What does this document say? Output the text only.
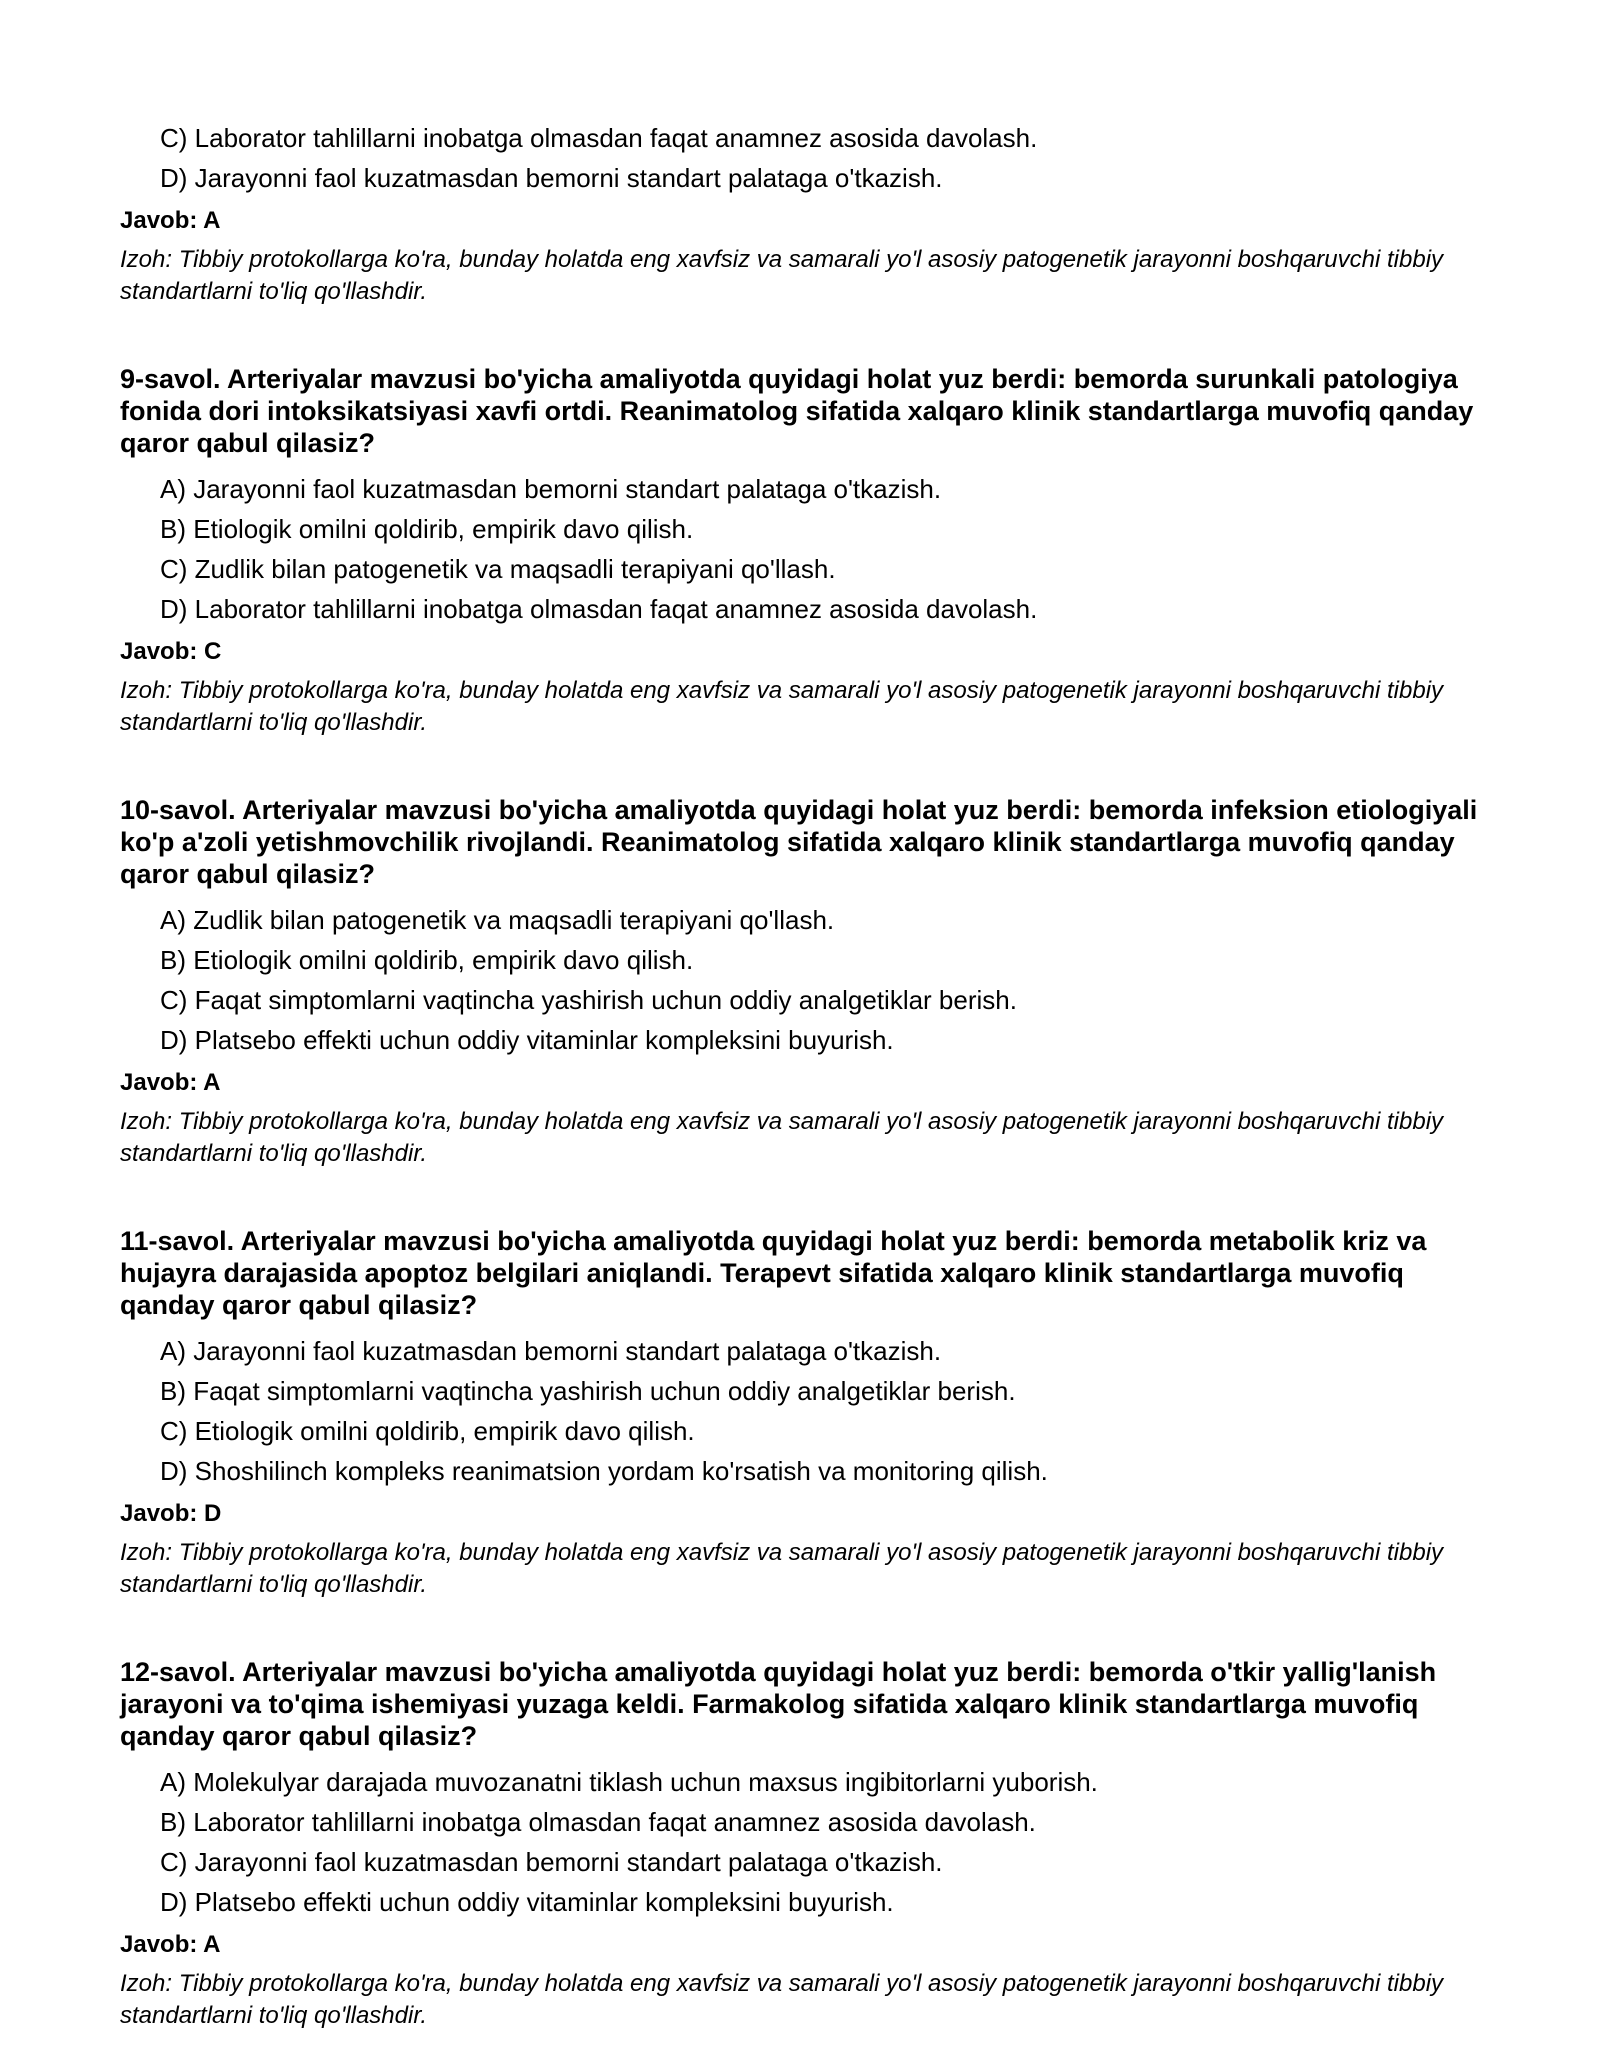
C) Laborator tahlillarni inobatga olmasdan faqat anamnez asosida davolash.
D) Jarayonni faol kuzatmasdan bemorni standart palataga o'tkazish.
Javob: A
Izoh: Tibbiy protokollarga ko'ra, bunday holatda eng xavfsiz va samarali yo'l asosiy patogenetik jarayonni boshqaruvchi tibbiy standartlarni to'liq qo'llashdir.
9-savol. Arteriyalar mavzusi bo'yicha amaliyotda quyidagi holat yuz berdi: bemorda surunkali patologiya fonida dori intoksikatsiyasi xavfi ortdi. Reanimatolog sifatida xalqaro klinik standartlarga muvofiq qanday qaror qabul qilasiz?
A) Jarayonni faol kuzatmasdan bemorni standart palataga o'tkazish.
B) Etiologik omilni qoldirib, empirik davo qilish.
C) Zudlik bilan patogenetik va maqsadli terapiyani qo'llash.
D) Laborator tahlillarni inobatga olmasdan faqat anamnez asosida davolash.
Javob: C
Izoh: Tibbiy protokollarga ko'ra, bunday holatda eng xavfsiz va samarali yo'l asosiy patogenetik jarayonni boshqaruvchi tibbiy standartlarni to'liq qo'llashdir.
10-savol. Arteriyalar mavzusi bo'yicha amaliyotda quyidagi holat yuz berdi: bemorda infeksion etiologiyali ko'p a'zoli yetishmovchilik rivojlandi. Reanimatolog sifatida xalqaro klinik standartlarga muvofiq qanday qaror qabul qilasiz?
A) Zudlik bilan patogenetik va maqsadli terapiyani qo'llash.
B) Etiologik omilni qoldirib, empirik davo qilish.
C) Faqat simptomlarni vaqtincha yashirish uchun oddiy analgetiklar berish.
D) Platsebo effekti uchun oddiy vitaminlar kompleksini buyurish.
Javob: A
Izoh: Tibbiy protokollarga ko'ra, bunday holatda eng xavfsiz va samarali yo'l asosiy patogenetik jarayonni boshqaruvchi tibbiy standartlarni to'liq qo'llashdir.
11-savol. Arteriyalar mavzusi bo'yicha amaliyotda quyidagi holat yuz berdi: bemorda metabolik kriz va hujayra darajasida apoptoz belgilari aniqlandi. Terapevt sifatida xalqaro klinik standartlarga muvofiq qanday qaror qabul qilasiz?
A) Jarayonni faol kuzatmasdan bemorni standart palataga o'tkazish.
B) Faqat simptomlarni vaqtincha yashirish uchun oddiy analgetiklar berish.
C) Etiologik omilni qoldirib, empirik davo qilish.
D) Shoshilinch kompleks reanimatsion yordam ko'rsatish va monitoring qilish.
Javob: D
Izoh: Tibbiy protokollarga ko'ra, bunday holatda eng xavfsiz va samarali yo'l asosiy patogenetik jarayonni boshqaruvchi tibbiy standartlarni to'liq qo'llashdir.
12-savol. Arteriyalar mavzusi bo'yicha amaliyotda quyidagi holat yuz berdi: bemorda o'tkir yallig'lanish jarayoni va to'qima ishemiyasi yuzaga keldi. Farmakolog sifatida xalqaro klinik standartlarga muvofiq qanday qaror qabul qilasiz?
A) Molekulyar darajada muvozanatni tiklash uchun maxsus ingibitorlarni yuborish.
B) Laborator tahlillarni inobatga olmasdan faqat anamnez asosida davolash.
C) Jarayonni faol kuzatmasdan bemorni standart palataga o'tkazish.
D) Platsebo effekti uchun oddiy vitaminlar kompleksini buyurish.
Javob: A
Izoh: Tibbiy protokollarga ko'ra, bunday holatda eng xavfsiz va samarali yo'l asosiy patogenetik jarayonni boshqaruvchi tibbiy standartlarni to'liq qo'llashdir.
